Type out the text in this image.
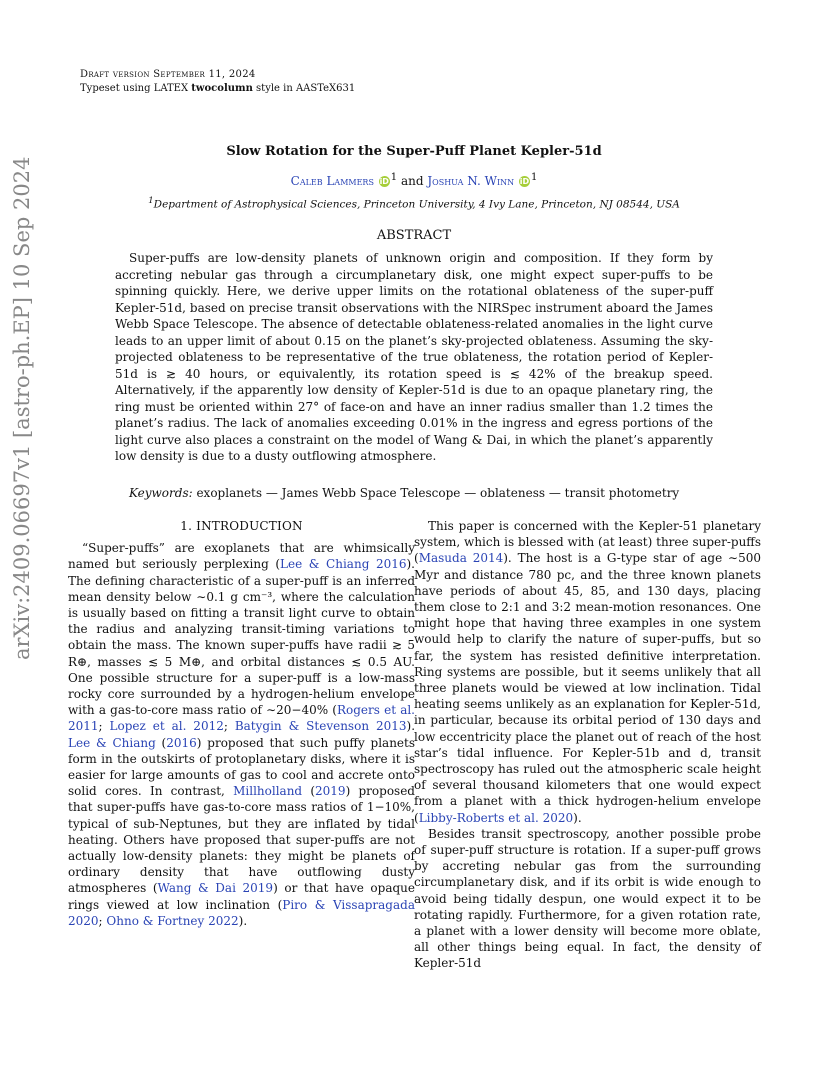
Draft version September 11, 2024
Typeset using LATEX twocolumn style in AASTeX631
arXiv:2409.06697v1 [astro-ph.EP] 10 Sep 2024
Slow Rotation for the Super-Puff Planet Kepler-51d
Caleb Lammers iD $^1$ and Joshua N. Winn iD $^1$
$^1$Department of Astrophysical Sciences, Princeton University, 4 Ivy Lane, Princeton, NJ 08544, USA
ABSTRACT
Super-puffs are low-density planets of unknown origin and composition. If they form by accreting nebular gas through a circumplanetary disk, one might expect super-puffs to be spinning quickly. Here, we derive upper limits on the rotational oblateness of the super-puff Kepler-51d, based on precise transit observations with the NIRSpec instrument aboard the James Webb Space Telescope. The absence of detectable oblateness-related anomalies in the light curve leads to an upper limit of about 0.15 on the planet’s sky-projected oblateness. Assuming the sky-projected oblateness to be representative of the true oblateness, the rotation period of Kepler-51d is ≳ 40 hours, or equivalently, its rotation speed is ≲ 42% of the breakup speed. Alternatively, if the apparently low density of Kepler-51d is due to an opaque planetary ring, the ring must be oriented within 27° of face-on and have an inner radius smaller than 1.2 times the planet’s radius. The lack of anomalies exceeding 0.01% in the ingress and egress portions of the light curve also places a constraint on the model of Wang & Dai, in which the planet’s apparently low density is due to a dusty outflowing atmosphere.
Keywords: exoplanets — James Webb Space Telescope — oblateness — transit photometry
1. INTRODUCTION

“Super-puffs” are exoplanets that are whimsically named but seriously perplexing (Lee & Chiang 2016). The defining characteristic of a super-puff is an inferred mean density below ∼0.1 g cm⁻³, where the calculation is usually based on fitting a transit light curve to obtain the radius and analyzing transit-timing variations to obtain the mass. The known super-puffs have radii ≳ 5 R⊕, masses ≲ 5 M⊕, and orbital distances ≲ 0.5 AU. One possible structure for a super-puff is a low-mass rocky core surrounded by a hydrogen-helium envelope with a gas-to-core mass ratio of ∼20−40% (Rogers et al. 2011; Lopez et al. 2012; Batygin & Stevenson 2013). Lee & Chiang (2016) proposed that such puffy planets form in the outskirts of protoplanetary disks, where it is easier for large amounts of gas to cool and accrete onto solid cores. In contrast, Millholland (2019) proposed that super-puffs have gas-to-core mass ratios of 1−10%, typical of sub-Neptunes, but they are inflated by tidal heating. Others have proposed that super-puffs are not actually low-density planets: they might be planets of ordinary density that have outflowing dusty atmospheres (Wang & Dai 2019) or that have opaque rings viewed at low inclination (Piro & Vissapragada 2020; Ohno & Fortney 2022).

This paper is concerned with the Kepler-51 planetary system, which is blessed with (at least) three super-puffs (Masuda 2014). The host is a G-type star of age ∼500 Myr and distance 780 pc, and the three known planets have periods of about 45, 85, and 130 days, placing them close to 2:1 and 3:2 mean-motion resonances. One might hope that having three examples in one system would help to clarify the nature of super-puffs, but so far, the system has resisted definitive interpretation. Ring systems are possible, but it seems unlikely that all three planets would be viewed at low inclination. Tidal heating seems unlikely as an explanation for Kepler-51d, in particular, because its orbital period of 130 days and low eccentricity place the planet out of reach of the host star’s tidal influence. For Kepler-51b and d, transit spectroscopy has ruled out the atmospheric scale height of several thousand kilometers that one would expect from a planet with a thick hydrogen-helium envelope (Libby-Roberts et al. 2020).

Besides transit spectroscopy, another possible probe of super-puff structure is rotation. If a super-puff grows by accreting nebular gas from the surrounding circumplanetary disk, and if its orbit is wide enough to avoid being tidally despun, one would expect it to be rotating rapidly. Furthermore, for a given rotation rate, a planet with a lower density will become more oblate, all other things being equal. In fact, the density of Kepler-51d
